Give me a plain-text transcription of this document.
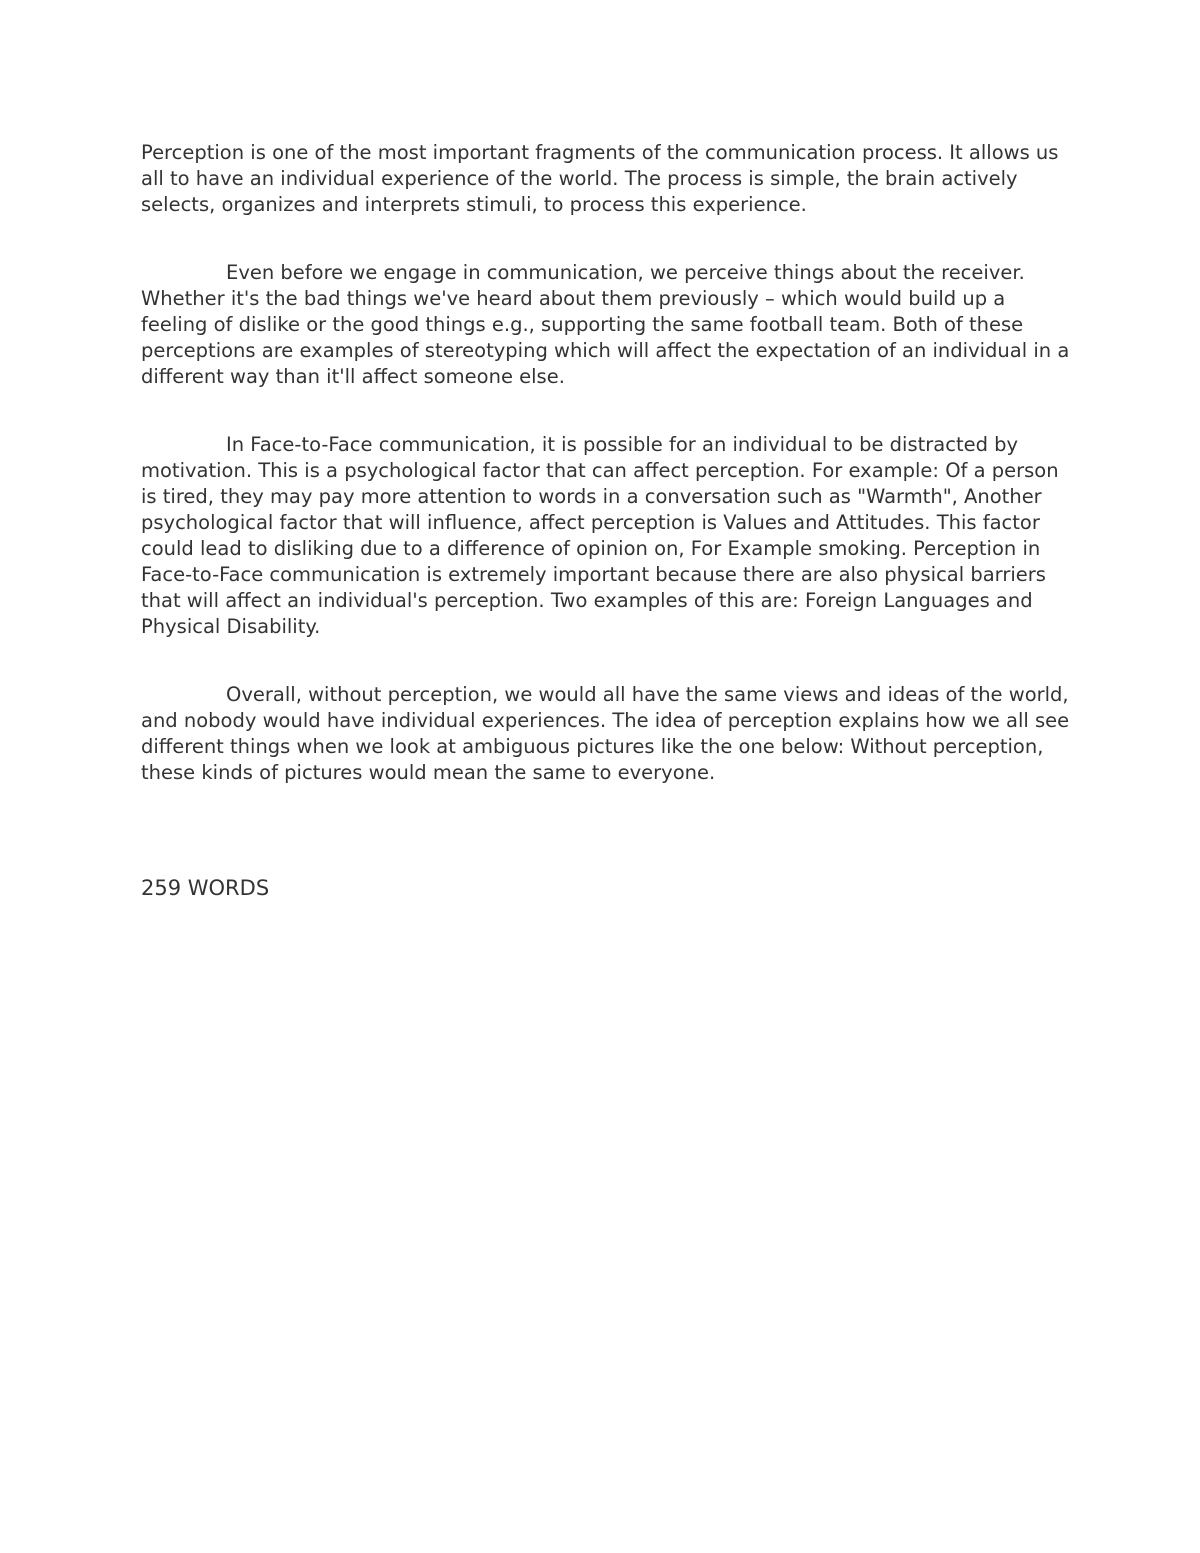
Perception is one of the most important fragments of the communication process. It allows us all to have an individual experience of the world. The process is simple, the brain actively selects, organizes and interprets stimuli, to process this experience.

Even before we engage in communication, we perceive things about the receiver. Whether it's the bad things we've heard about them previously – which would build up a feeling of dislike or the good things e.g., supporting the same football team. Both of these perceptions are examples of stereotyping which will affect the expectation of an individual in a different way than it'll affect someone else.

In Face-to-Face communication, it is possible for an individual to be distracted by motivation. This is a psychological factor that can affect perception. For example: Of a person is tired, they may pay more attention to words in a conversation such as "Warmth", Another psychological factor that will influence, affect perception is Values and Attitudes. This factor could lead to disliking due to a difference of opinion on, For Example smoking. Perception in Face-to-Face communication is extremely important because there are also physical barriers that will affect an individual's perception. Two examples of this are: Foreign Languages and Physical Disability.

Overall, without perception, we would all have the same views and ideas of the world, and nobody would have individual experiences. The idea of perception explains how we all see different things when we look at ambiguous pictures like the one below: Without perception, these kinds of pictures would mean the same to everyone.

259 WORDS
